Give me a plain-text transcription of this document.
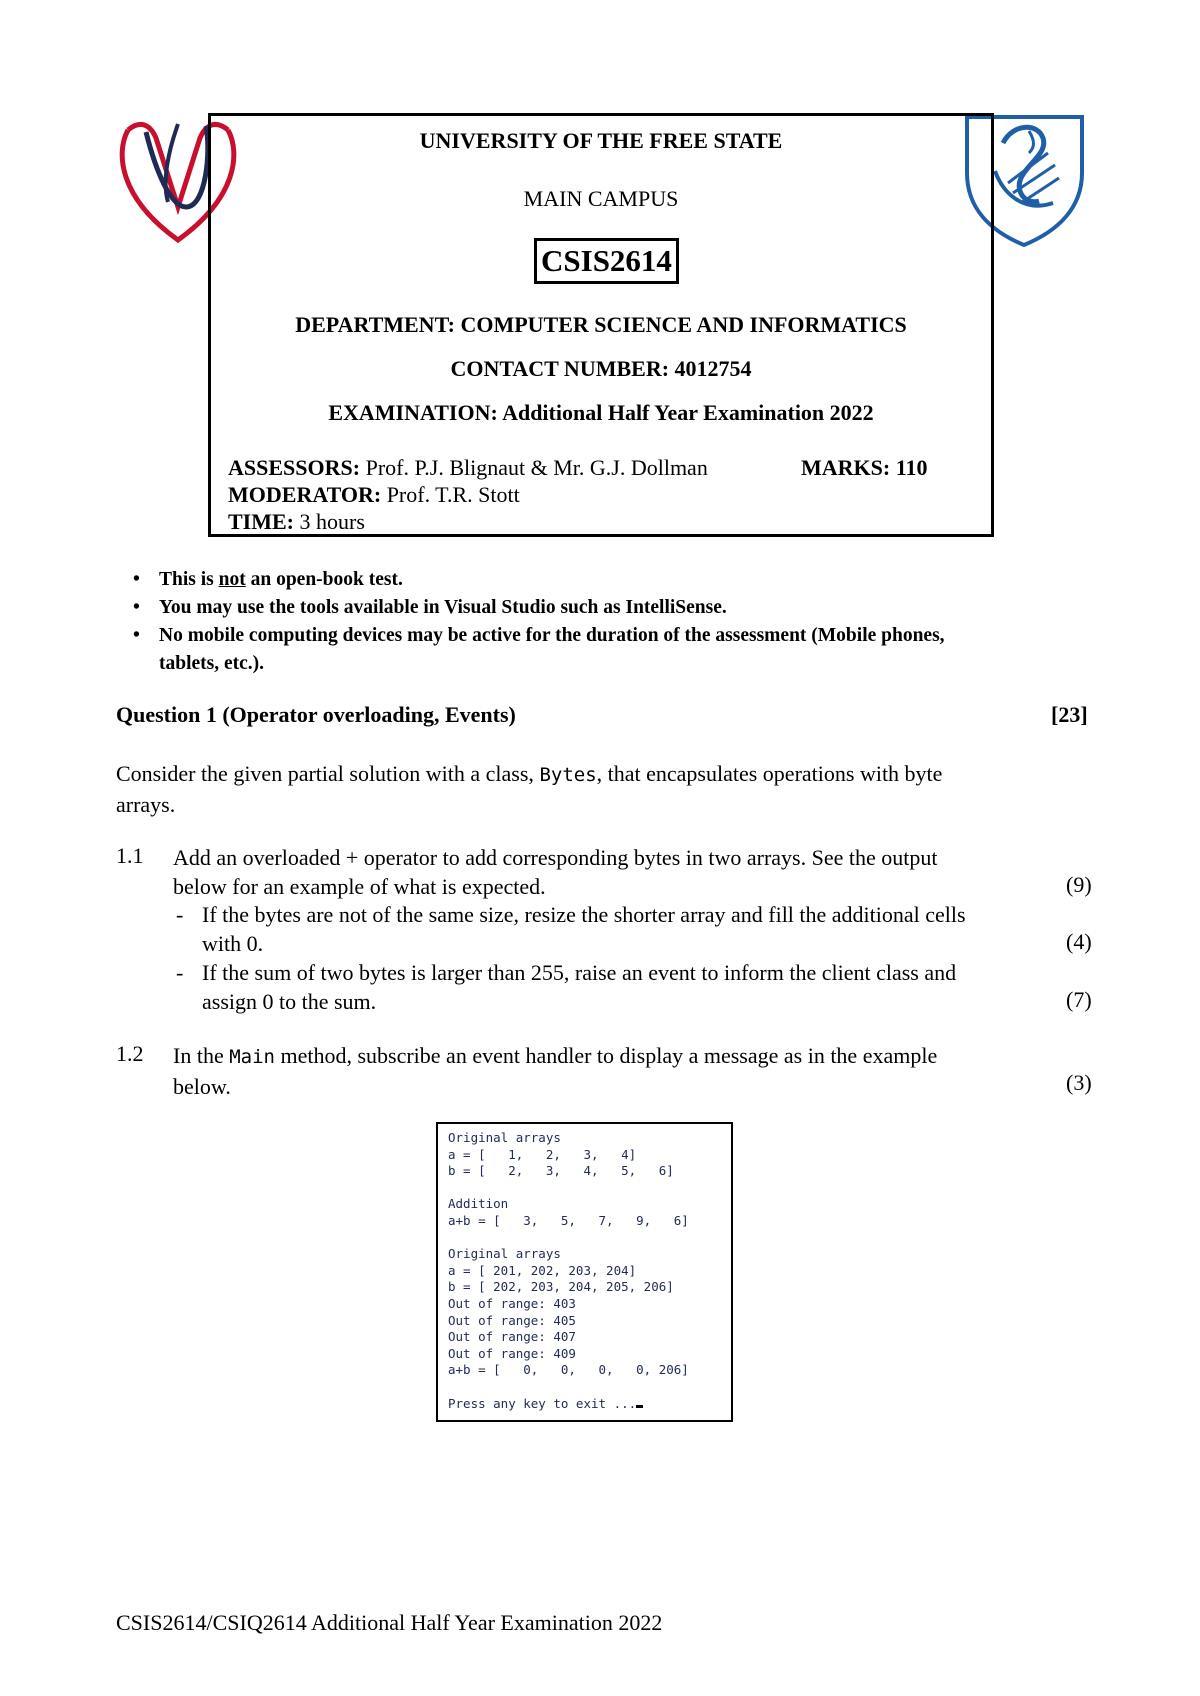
UNIVERSITY OF THE FREE STATE
MAIN CAMPUS
CSIS2614
DEPARTMENT: COMPUTER SCIENCE AND INFORMATICS
CONTACT NUMBER: 4012754
EXAMINATION: Additional Half Year Examination 2022
ASSESSORS: Prof. P.J. Blignaut & Mr. G.J. Dollman	MARKS: 110
MODERATOR: Prof. T.R. Stott
TIME: 3 hours
• This is not an open-book test.
• You may use the tools available in Visual Studio such as IntelliSense.
• No mobile computing devices may be active for the duration of the assessment (Mobile phones,
tablets, etc.).
Question 1 (Operator overloading, Events)	[23]
Consider the given partial solution with a class, Bytes, that encapsulates operations with byte
arrays.
1.1 Add an overloaded + operator to add corresponding bytes in two arrays. See the output
below for an example of what is expected.	(9)
- If the bytes are not of the same size, resize the shorter array and fill the additional cells
with 0.	(4)
- If the sum of two bytes is larger than 255, raise an event to inform the client class and
assign 0 to the sum.	(7)
1.2 In the Main method, subscribe an event handler to display a message as in the example
below.	(3)
Original arrays
a = [   1,   2,   3,   4]
b = [   2,   3,   4,   5,   6]

Addition
a+b = [   3,   5,   7,   9,   6]

Original arrays
a = [ 201, 202, 203, 204]
b = [ 202, 203, 204, 205, 206]
Out of range: 403
Out of range: 405
Out of range: 407
Out of range: 409
a+b = [   0,   0,   0,   0, 206]

Press any key to exit ...
CSIS2614/CSIQ2614 Additional Half Year Examination 2022
